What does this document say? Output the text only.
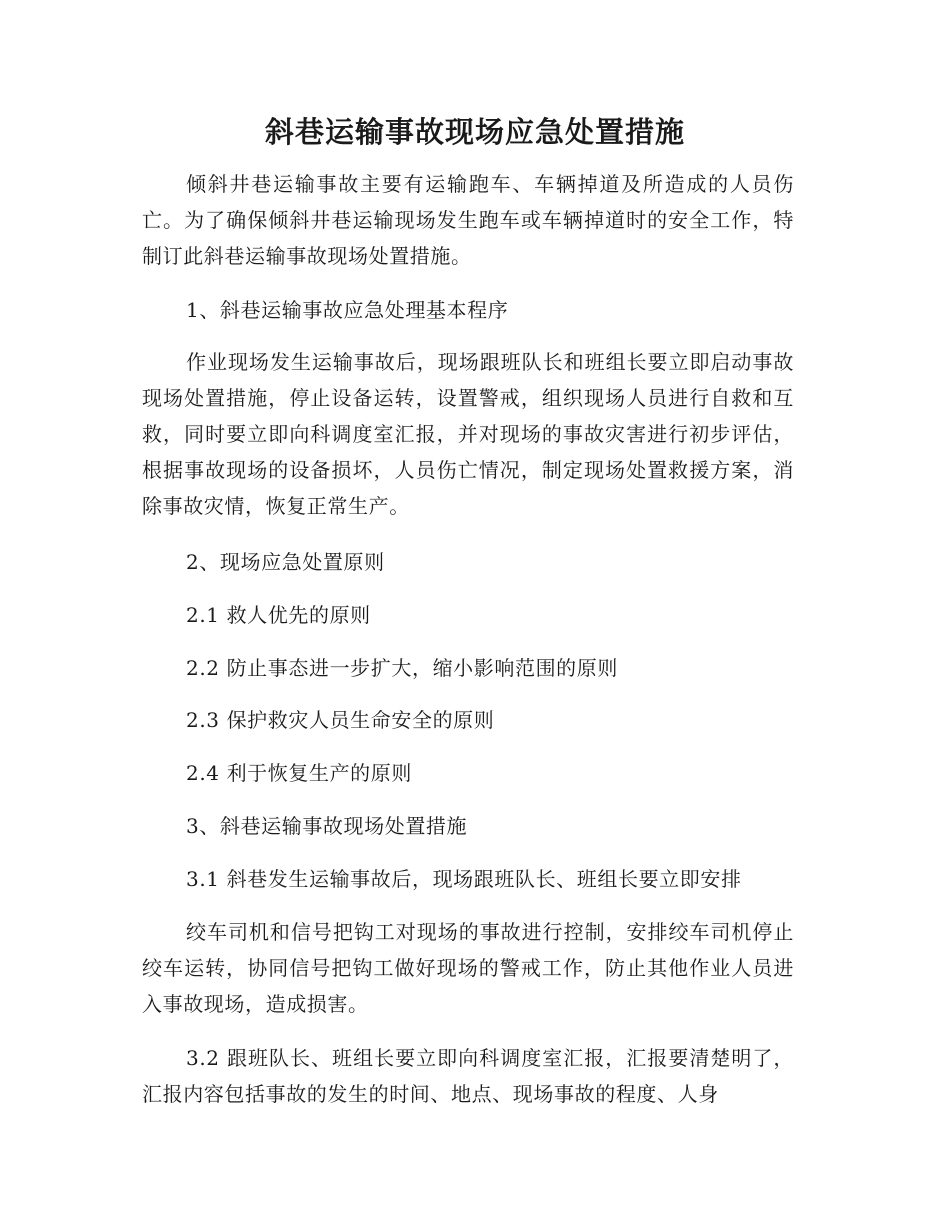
斜巷运输事故现场应急处置措施

倾斜井巷运输事故主要有运输跑车、车辆掉道及所造成的人员伤亡。为了确保倾斜井巷运输现场发生跑车或车辆掉道时的安全工作，特制订此斜巷运输事故现场处置措施。

1、斜巷运输事故应急处理基本程序

作业现场发生运输事故后，现场跟班队长和班组长要立即启动事故现场处置措施，停止设备运转，设置警戒，组织现场人员进行自救和互救，同时要立即向科调度室汇报，并对现场的事故灾害进行初步评估，根据事故现场的设备损坏，人员伤亡情况，制定现场处置救援方案，消除事故灾情，恢复正常生产。

2、现场应急处置原则

2.1 救人优先的原则

2.2 防止事态进一步扩大，缩小影响范围的原则

2.3 保护救灾人员生命安全的原则

2.4 利于恢复生产的原则

3、斜巷运输事故现场处置措施

3.1 斜巷发生运输事故后，现场跟班队长、班组长要立即安排

绞车司机和信号把钩工对现场的事故进行控制，安排绞车司机停止绞车运转，协同信号把钩工做好现场的警戒工作，防止其他作业人员进入事故现场，造成损害。

3.2 跟班队长、班组长要立即向科调度室汇报，汇报要清楚明了，汇报内容包括事故的发生的时间、地点、现场事故的程度、人身
